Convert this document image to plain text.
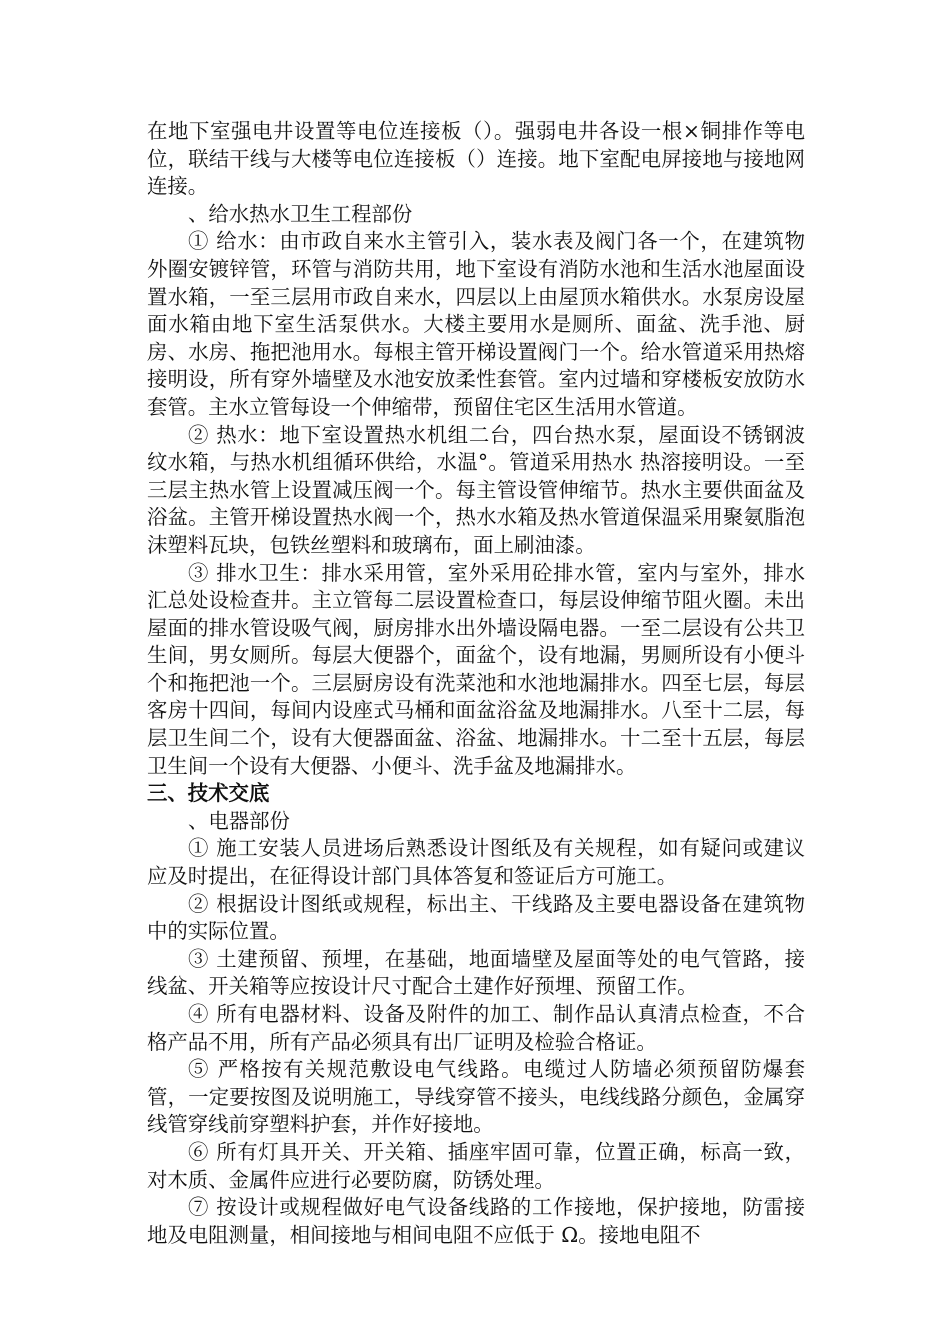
在地下室强电井设置等电位连接板（）。强弱电井各设一根×铜排作等电位，联结干线与大楼等电位连接板（）连接。地下室配电屏接地与接地网连接。

、给水热水卫生工程部份

① 给水：由市政自来水主管引入，装水表及阀门各一个，在建筑物外圈安镀锌管，环管与消防共用，地下室设有消防水池和生活水池屋面设置水箱，一至三层用市政自来水，四层以上由屋顶水箱供水。水泵房设屋面水箱由地下室生活泵供水。大楼主要用水是厕所、面盆、洗手池、厨房、水房、拖把池用水。每根主管开梯设置阀门一个。给水管道采用热熔接明设，所有穿外墙壁及水池安放柔性套管。室内过墙和穿楼板安放防水套管。主水立管每设一个伸缩带，预留住宅区生活用水管道。

② 热水：地下室设置热水机组二台，四台热水泵，屋面设不锈钢波纹水箱，与热水机组循环供给，水温°。管道采用热水 热溶接明设。一至三层主热水管上设置减压阀一个。每主管设管伸缩节。热水主要供面盆及浴盆。主管开梯设置热水阀一个，热水水箱及热水管道保温采用聚氨脂泡沫塑料瓦块，包铁丝塑料和玻璃布，面上刷油漆。

③ 排水卫生：排水采用管，室外采用砼排水管，室内与室外，排水汇总处设检查井。主立管每二层设置检查口，每层设伸缩节阻火圈。未出屋面的排水管设吸气阀，厨房排水出外墙设隔电器。一至二层设有公共卫生间，男女厕所。每层大便器个，面盆个，设有地漏，男厕所设有小便斗个和拖把池一个。三层厨房设有洗菜池和水池地漏排水。四至七层，每层客房十四间，每间内设座式马桶和面盆浴盆及地漏排水。八至十二层，每层卫生间二个，设有大便器面盆、浴盆、地漏排水。十二至十五层，每层卫生间一个设有大便器、小便斗、洗手盆及地漏排水。

三、技术交底

、电器部份

① 施工安装人员进场后熟悉设计图纸及有关规程，如有疑问或建议应及时提出，在征得设计部门具体答复和签证后方可施工。

② 根据设计图纸或规程，标出主、干线路及主要电器设备在建筑物中的实际位置。

③ 土建预留、预埋，在基础，地面墙壁及屋面等处的电气管路，接线盆、开关箱等应按设计尺寸配合土建作好预埋、预留工作。

④ 所有电器材料、设备及附件的加工、制作品认真清点检查，不合格产品不用，所有产品必须具有出厂证明及检验合格证。

⑤ 严格按有关规范敷设电气线路。电缆过人防墙必须预留防爆套管，一定要按图及说明施工，导线穿管不接头，电线线路分颜色，金属穿线管穿线前穿塑料护套，并作好接地。

⑥ 所有灯具开关、开关箱、插座牢固可靠，位置正确，标高一致，对木质、金属件应进行必要防腐，防锈处理。

⑦ 按设计或规程做好电气设备线路的工作接地，保护接地，防雷接地及电阻测量，相间接地与相间电阻不应低于 Ω。接地电阻不
